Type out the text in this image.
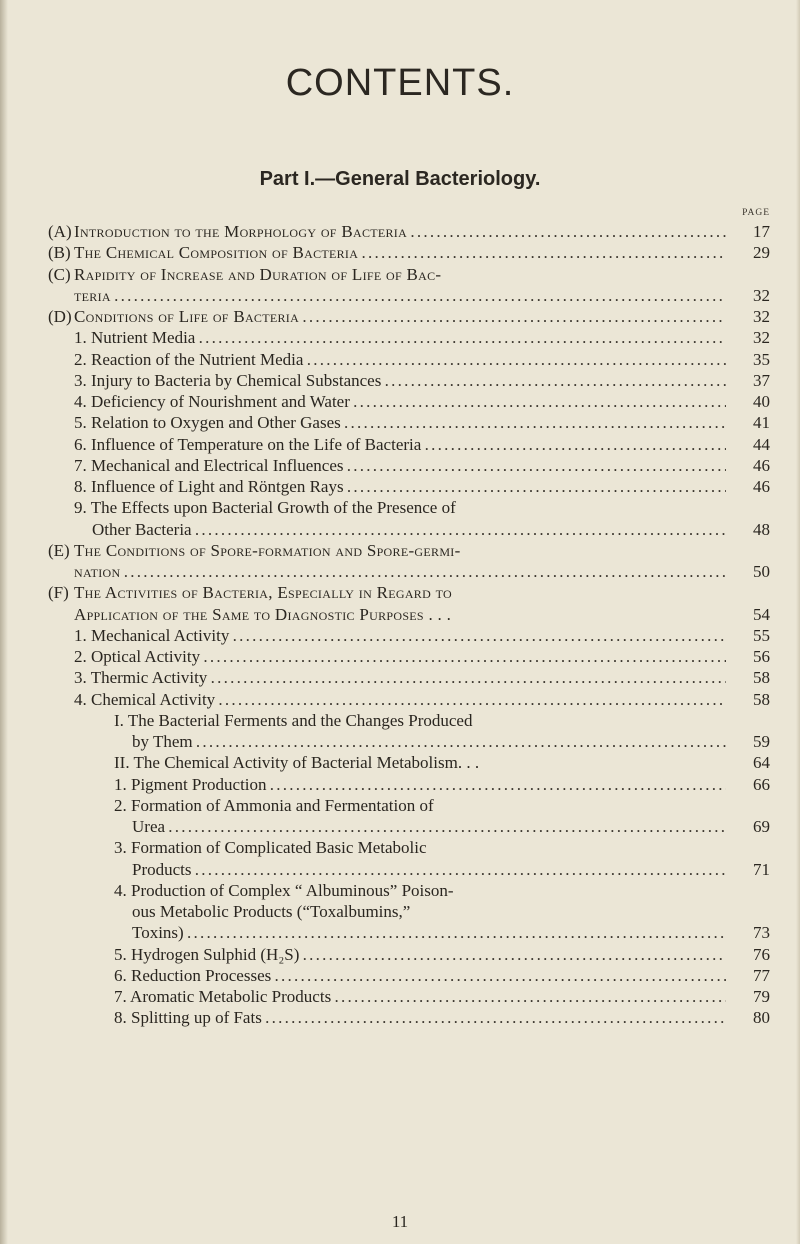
CONTENTS.
Part I.—General Bacteriology.
PAGE
(A) Introduction to the Morphology of Bacteria . . .	17
(B) The Chemical Composition of Bacteria . . .	29
(C) Rapidity of Increase and Duration of Life of Bac-
teria . . .	32
(D) Conditions of Life of Bacteria . . .	32
1. Nutrient Media . . .	32
2. Reaction of the Nutrient Media . . .	35
3. Injury to Bacteria by Chemical Substances . . .	37
4. Deficiency of Nourishment and Water . . .	40
5. Relation to Oxygen and Other Gases . . .	41
6. Influence of Temperature on the Life of Bacteria . . .	44
7. Mechanical and Electrical Influences . . .	46
8. Influence of Light and Röntgen Rays . . .	46
9. The Effects upon Bacterial Growth of the Presence of
Other Bacteria . . .	48
(E) The Conditions of Spore-formation and Spore-germi-
nation . . .	50
(F) The Activities of Bacteria, Especially in Regard to
Application of the Same to Diagnostic Purposes . . .	54
1. Mechanical Activity . . .	55
2. Optical Activity . . .	56
3. Thermic Activity . . .	58
4. Chemical Activity . . .	58
I. The Bacterial Ferments and the Changes Produced
by Them . . .	59
II. The Chemical Activity of Bacterial Metabolism. . .	64
1. Pigment Production . . .	66
2. Formation of Ammonia and Fermentation of
Urea . . .	69
3. Formation of Complicated Basic Metabolic
Products . . .	71
4. Production of Complex “ Albuminous” Poison-
ous Metabolic Products (“Toxalbumins,”
Toxins) . . .	73
5. Hydrogen Sulphid (H₂S) . . .	76
6. Reduction Processes . . .	77
7. Aromatic Metabolic Products . . .	79
8. Splitting up of Fats . . .	80
11
